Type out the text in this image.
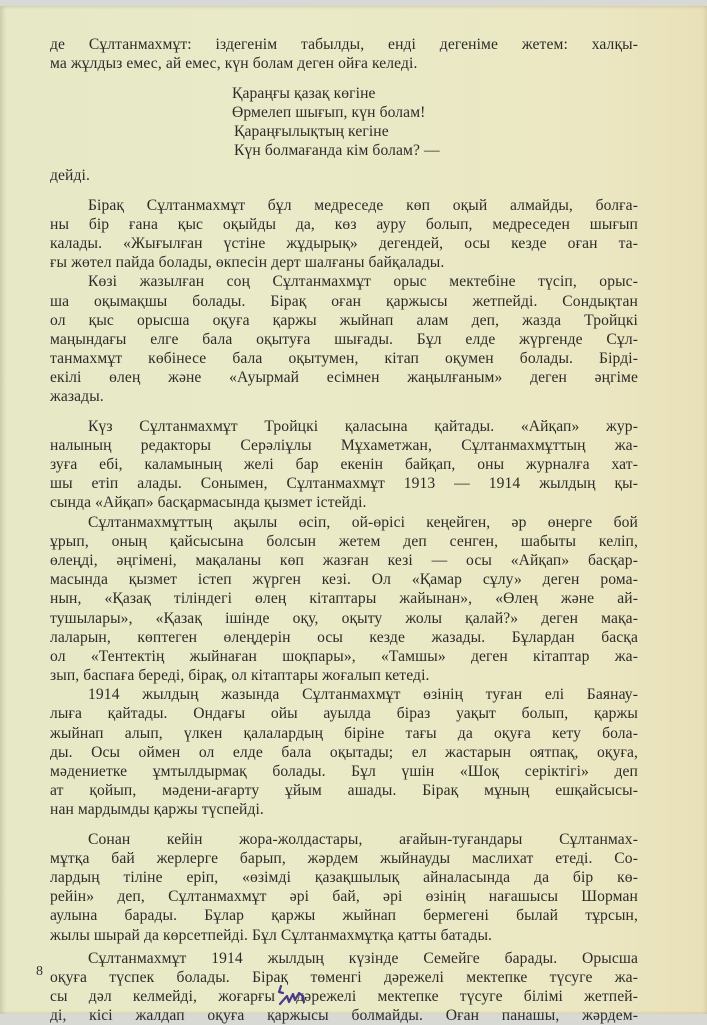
де Сұлтанмахмұт: іздегенім табылды, енді дегеніме жетем: халқы-
ма жұлдыз емес, ай емес, күн болам деген ойға келеді.
Қараңғы қазақ көгіне
Өрмелеп шығып, күн болам!
Қараңғылықтың кегіне
Күн болмағанда кім болам? —
дейді.
Бірақ Сұлтанмахмұт бұл медреседе көп оқый алмайды, болға-
ны бір ғана қыс оқыйды да, көз ауру болып, медреседен шығып
калады. «Жығылған үстіне жұдырық» дегендей, осы кезде оған та-
ғы жөтел пайда болады, өкпесін дерт шалғаны байқалады.
Көзі жазылған соң Сұлтанмахмұт орыс мектебіне түсіп, орыс-
ша оқымақшы болады. Бірақ оған қаржысы жетпейді. Сондықтан
ол қыс орысша оқуға қаржы жыйнап алам деп, жазда Тройцкі
маңындағы елге бала оқытуға шығады. Бұл елде жүргенде Сұл-
танмахмұт көбінесе бала оқытумен, кітап оқумен болады. Бірді-
екілі өлең және «Ауырмай есімнен жаңылғаным» деген әңгіме
жазады.
Күз Сұлтанмахмұт Тройцкі қаласына қайтады. «Айқап» жур-
налының редакторы Серәліұлы Мұхаметжан, Сұлтанмахмұттың жа-
зуға ебі, каламының желі бар екенін байқап, оны журналға хат-
шы етіп алады. Сонымен, Сұлтанмахмұт 1913 — 1914 жылдың қы-
сында «Айқап» басқармасында қызмет істейді.
Сұлтанмахмұттың ақылы өсіп, ой-өрісі кеңейген, әр өнерге бой
ұрып, оның қайсысына болсын жетем деп сенген, шабыты келіп,
өлеңді, әңгімені, мақаланы көп жазған кезі — осы «Айқап» басқар-
масында қызмет істеп жүрген кезі. Ол «Қамар сұлу» деген рома-
нын, «Қазақ тіліндегі өлең кітаптары жайынан», «Өлең және ай-
тушылары», «Қазақ ішінде оқу, оқыту жолы қалай?» деген мақа-
лаларын, көптеген өлеңдерін осы кезде жазады. Бұлардан басқа
ол «Тентектің жыйнаған шоқпары», «Тамшы» деген кітаптар жа-
зып, баспаға береді, бірақ, ол кітаптары жоғалып кетеді.
1914 жылдың жазында Сұлтанмахмұт өзінің туған елі Баянау-
лыға қайтады. Ондағы ойы ауылда біраз уақыт болып, қаржы
жыйнап алып, үлкен қалалардың біріне тағы да оқуға кету бола-
ды. Осы оймен ол елде бала оқытады; ел жастарын оятпақ, оқуға,
мәдениетке ұмтылдырмақ болады. Бұл үшін «Шоқ серіктігі» деп
ат қойып, мәдени-ағарту ұйым ашады. Бірақ мұның ешқайсысы-
нан мардымды қаржы түспейді.
Сонан кейін жора-жолдастары, ағайын-туғандары Сұлтанмах-
мұтқа бай жерлерге барып, жәрдем жыйнауды маслихат етеді. Со-
лардың тіліне еріп, «өзімді қазақшылық айналасында да бір кө-
рейін» деп, Сұлтанмахмұт әрі бай, әрі өзінің нағашысы Шорман
аулына барады. Бұлар қаржы жыйнап бермегені былай тұрсын,
жылы шырай да көрсетпейді. Бұл Сұлтанмахмұтқа қатты батады.
Сұлтанмахмұт 1914 жылдың күзінде Семейге барады. Орысша
оқуға түспек болады. Бірақ төменгі дәрежелі мектепке түсуге жа-
сы дәл келмейді, жоғарғы дәрежелі мектепке түсуге білімі жетпей-
ді, кісі жалдап оқуға қаржысы болмайды. Оған панашы, жәрдем-
8
